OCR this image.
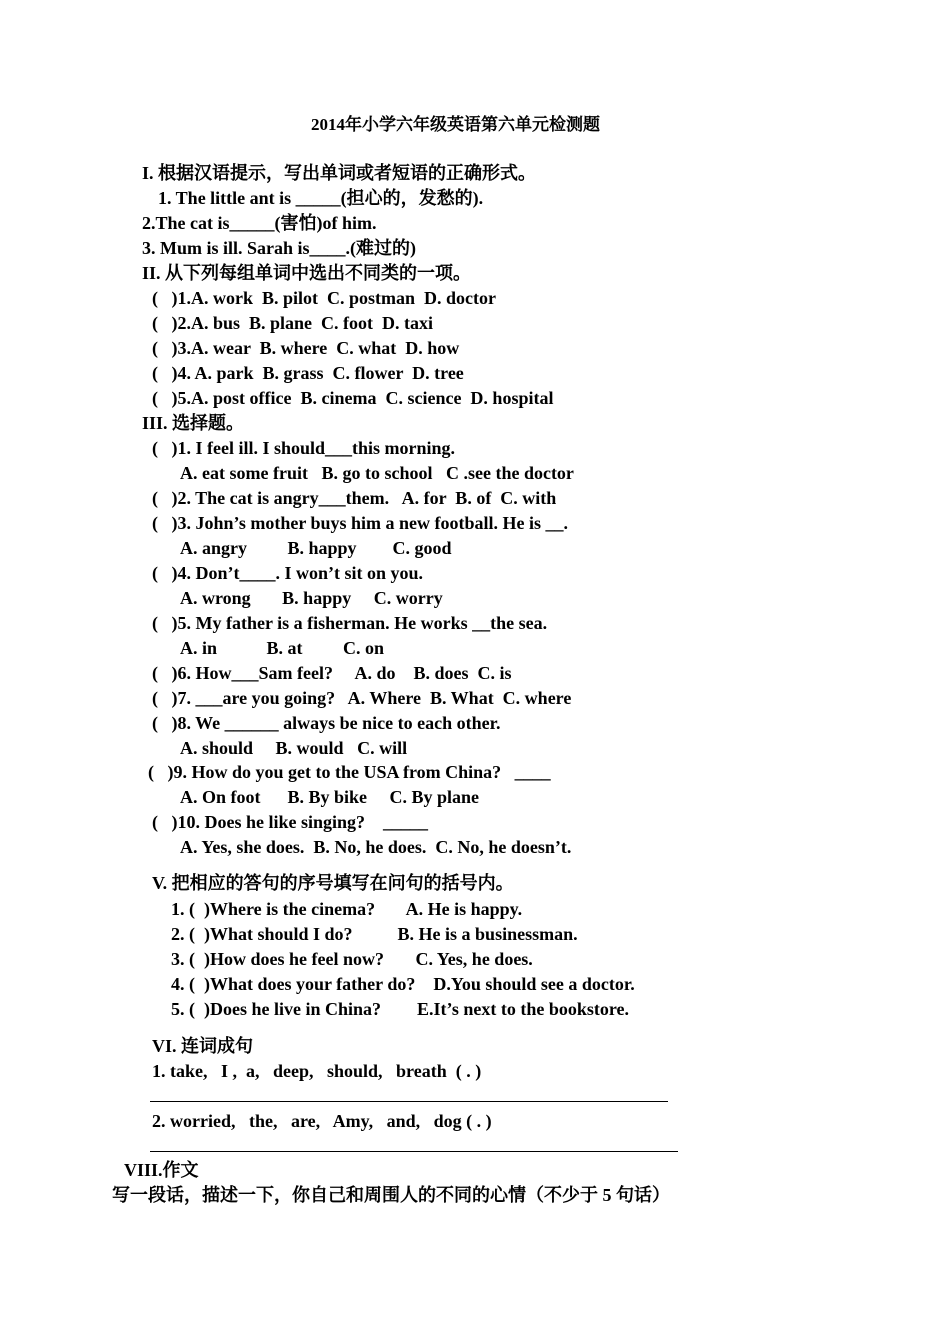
2014年小学六年级英语第六单元检测题
I. 根据汉语提示，写出单词或者短语的正确形式。
1. The little ant is _____(担心的，发愁的).
2.The cat is_____(害怕)of him.
3. Mum is ill. Sarah is____.(难过的)
II. 从下列每组单词中选出不同类的一项。
(   )1.A. work  B. pilot  C. postman  D. doctor
(   )2.A. bus  B. plane  C. foot  D. taxi
(   )3.A. wear  B. where  C. what  D. how
(   )4. A. park  B. grass  C. flower  D. tree
(   )5.A. post office  B. cinema  C. science  D. hospital
III. 选择题。
(   )1. I feel ill. I should___this morning.
A. eat some fruit   B. go to school   C .see the doctor
(   )2. The cat is angry___them.   A. for  B. of  C. with
(   )3. John’s mother buys him a new football. He is __.
A. angry         B. happy        C. good
(   )4. Don’t____. I won’t sit on you.
A. wrong       B. happy     C. worry
(   )5. My father is a fisherman. He works __the sea.
A. in           B. at         C. on
(   )6. How___Sam feel?     A. do    B. does  C. is
(   )7. ___are you going?   A. Where  B. What  C. where
(   )8. We ______ always be nice to each other.
A. should     B. would   C. will
(   )9. How do you get to the USA from China?   ____
A. On foot      B. By bike     C. By plane
(   )10. Does he like singing?    _____
A. Yes, she does.  B. No, he does.  C. No, he doesn’t.
V. 把相应的答句的序号填写在问句的括号内。
1. (  )Where is the cinema?       A. He is happy.
2. (  )What should I do?          B. He is a businessman.
3. (  )How does he feel now?       C. Yes, he does.
4. (  )What does your father do?    D.You should see a doctor.
5. (  )Does he live in China?        E.It’s next to the bookstore.
VI. 连词成句
1. take,   I ,  a,   deep,   should,   breath  ( . )
2. worried,   the,   are,   Amy,   and,   dog ( . )
VIII.作文
写一段话，描述一下，你自己和周围人的不同的心情（不少于 5 句话）
